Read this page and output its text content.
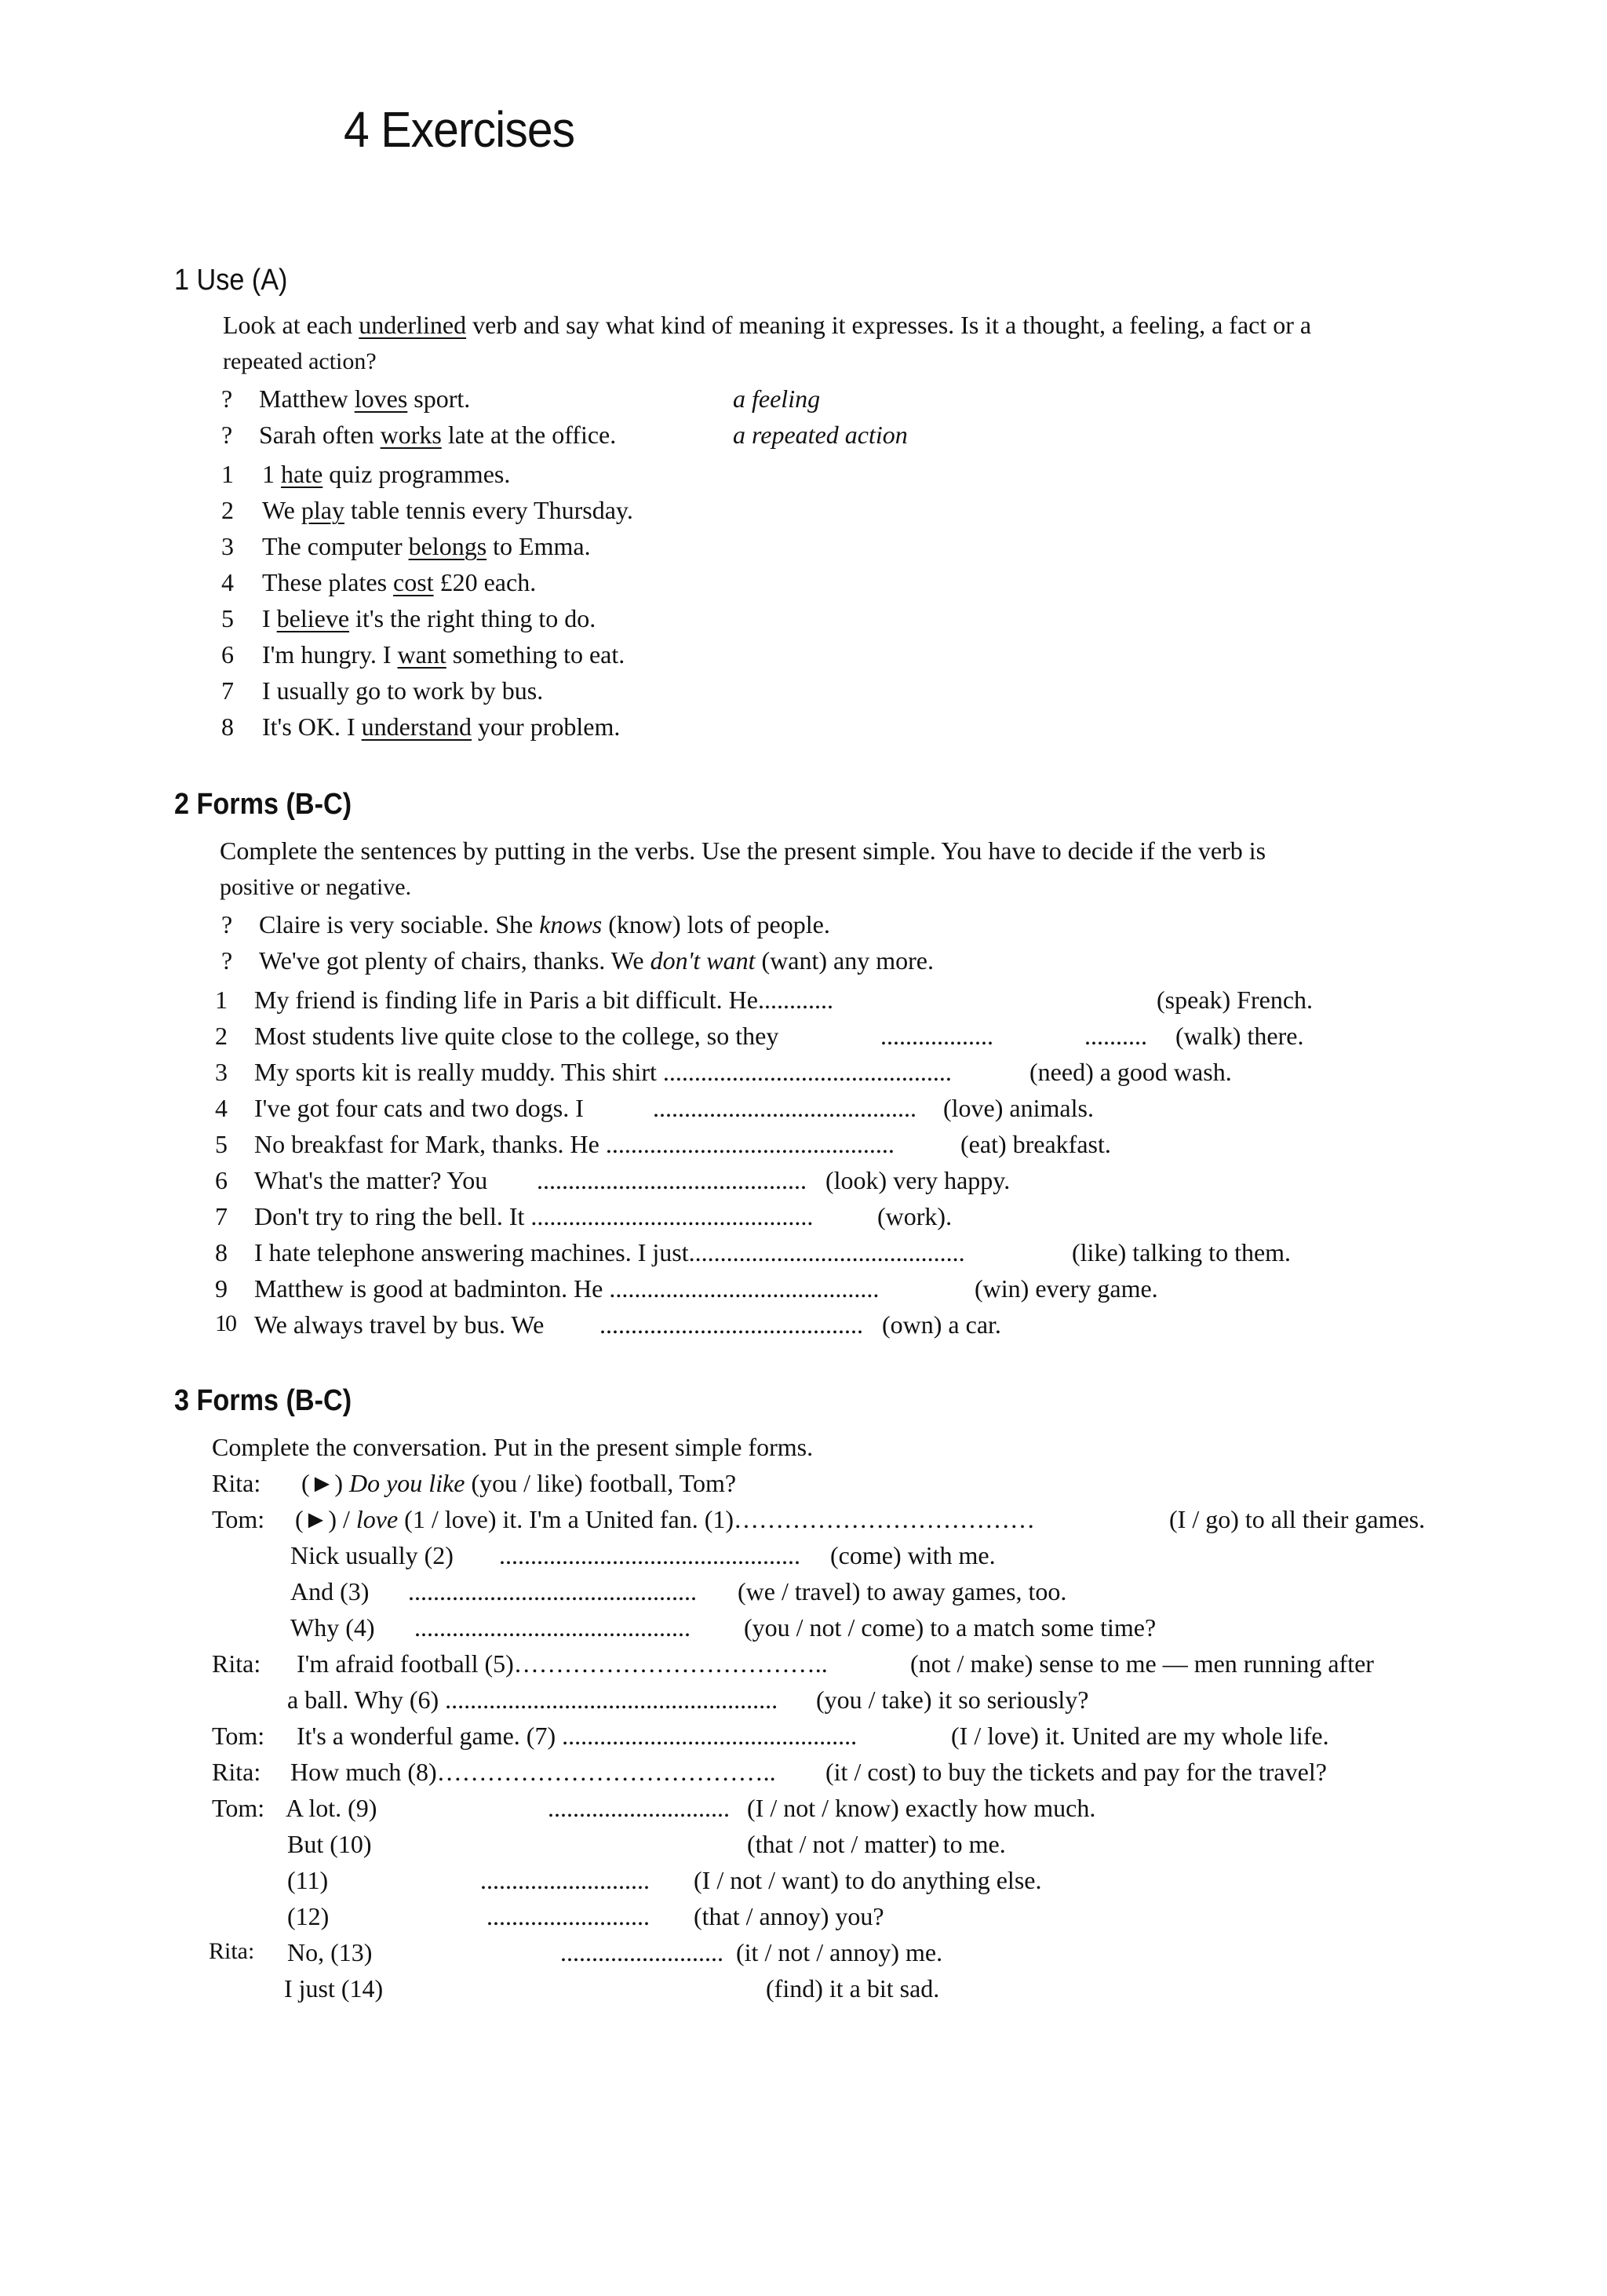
4 Exercises
1 Use (A)
Look at each underlined verb and say what kind of meaning it expresses. Is it a thought, a feeling, a fact or a
repeated action?
? Matthew loves sport.	a feeling
? Sarah often works late at the office.	a repeated action
1 1 hate quiz programmes.
2 We play table tennis every Thursday.
3 The computer belongs to Emma.
4 These plates cost £20 each.
5 I believe it's the right thing to do.
6 I'm hungry. I want something to eat.
7 I usually go to work by bus.
8 It's OK. I understand your problem.
2 Forms (B-C)
Complete the sentences by putting in the verbs. Use the present simple. You have to decide if the verb is
positive or negative.
? Claire is very sociable. She knows (know) lots of people.
? We've got plenty of chairs, thanks. We don't want (want) any more.
1 My friend is finding life in Paris a bit difficult. He............	(speak) French.
2 Most students live quite close to the college, so they	..................	.......... (walk) there.
3 My sports kit is really muddy. This shirt ..............................................	(need) a good wash.
4 I've got four cats and two dogs. I	.......................................... (love) animals.
5 No breakfast for Mark, thanks. He ..............................................	(eat) breakfast.
6 What's the matter? You ........................................... (look) very happy.
7 Don't try to ring the bell. It .............................................	(work).
8 I hate telephone answering machines. I just............................................	(like) talking to them.
9 Matthew is good at badminton. He ...........................................	(win) every game.
10 We always travel by bus. We .......................................... (own) a car.
3 Forms (B-C)
Complete the conversation. Put in the present simple forms.
Rita: (►) Do you like (you / like) football, Tom?
Tom: (►) / love (1 / love) it. I'm a United fan. (1)………………………………	(I / go) to all their games.
Nick usually (2) ................................................ (come) with me.
And (3) .............................................. (we / travel) to away games, too.
Why (4) ............................................ (you / not / come) to a match some time?
Rita: I'm afraid football (5)………………………………..	(not / make) sense to me — men running after
a ball. Why (6) ..................................................... (you / take) it so seriously?
Tom: It's a wonderful game. (7) ...............................................	(I / love) it. United are my whole life.
Rita: How much (8)………………………………….. (it / cost) to buy the tickets and pay for the travel?
Tom: A lot. (9)	............................. (I / not / know) exactly how much.
But (10)	(that / not / matter) to me.
(11)	........................... (I / not / want) to do anything else.
(12)	.......................... (that / annoy) you?
Rita: No, (13)	.......................... (it / not / annoy) me.
I just (14)	(find) it a bit sad.
